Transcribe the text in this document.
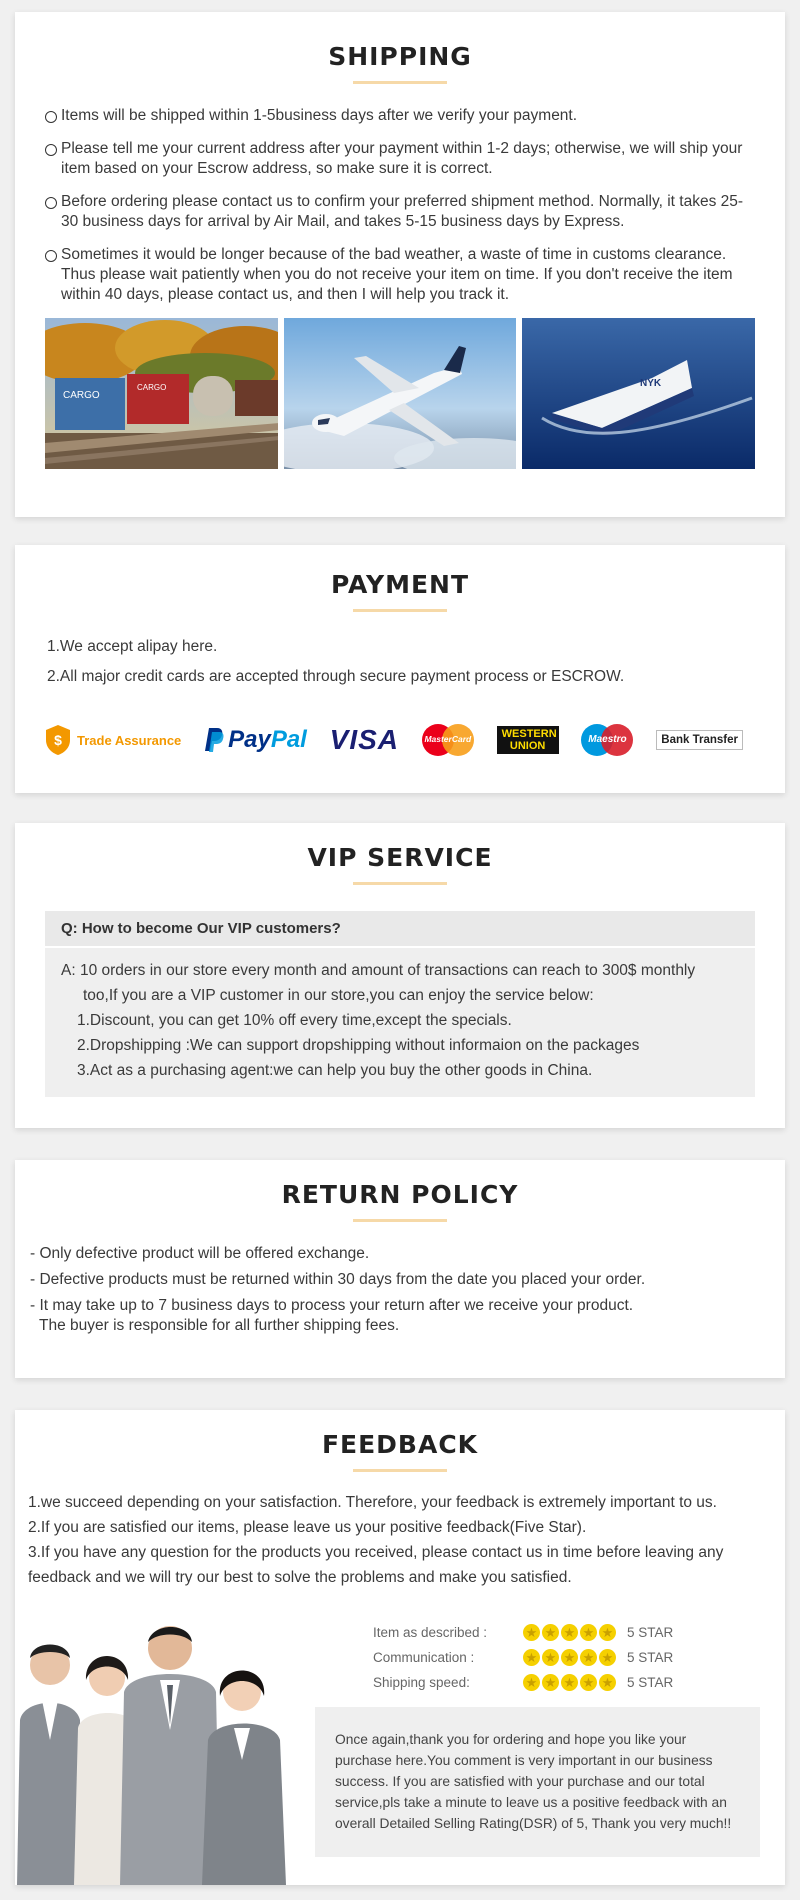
SHIPPING
Items will be shipped within 1-5business days after we verify your payment.
Please tell me your current address after your payment within 1-2 days; otherwise, we will ship your item based on your Escrow address, so make sure it is correct.
Before ordering please contact us to confirm your preferred shipment method. Normally, it takes 25-30 business days for arrival by Air Mail, and takes 5-15 business days by Express.
Sometimes it would be longer because of the bad weather, a waste of time in customs clearance. Thus please wait patiently when you do not receive your item on time. If you don't receive the item within 40 days, please contact us, and then I will help you track it.
CARGO
CARGO	NYK
PAYMENT

1.We accept alipay here.

2.All major credit cards are accepted through secure payment process or ESCROW.

$ Trade Assurance Pay Pal VISA	MasterCard	WESTERN
UNION
Maestro	Bank Transfer
VIP SERVICE
Q: How to become Our VIP customers?
A: 10 orders in our store every month and amount of transactions can reach to 300$ monthly
too,If you are a VIP customer in our store,you can enjoy the service below:
1.Discount, you can get 10% off every time,except the specials.
2.Dropshipping :We can support dropshipping without informaion on the packages
3.Act as a purchasing agent:we can help you buy the other goods in China.
RETURN POLICY

- Only defective product will be offered exchange.

- Defective products must be returned within 30 days from the date you placed your order.

- It may take up to 7 business days to process your return after we receive your product.

The buyer is responsible for all further shipping fees.

FEEDBACK

1.we succeed depending on your satisfaction. Therefore, your feedback is extremely important to us.

2.If you are satisfied our items, please leave us your positive feedback(Five Star).

3.If you have any question for the products you received, please contact us in time before leaving any feedback and we will try our best to solve the problems and make you satisfied.

Item as described :	★ ★ ★ ★ ★ 5 STAR
Communication :	★ ★ ★ ★ ★ 5 STAR
Shipping speed:	★ ★ ★ ★ ★ 5 STAR
Once again,thank you for ordering and hope you like your purchase here.You comment is very important in our business success. If you are satisfied with your purchase and our total service,pls take a minute to leave us a positive feedback with an overall Detailed Selling Rating(DSR) of 5, Thank you very much!!
